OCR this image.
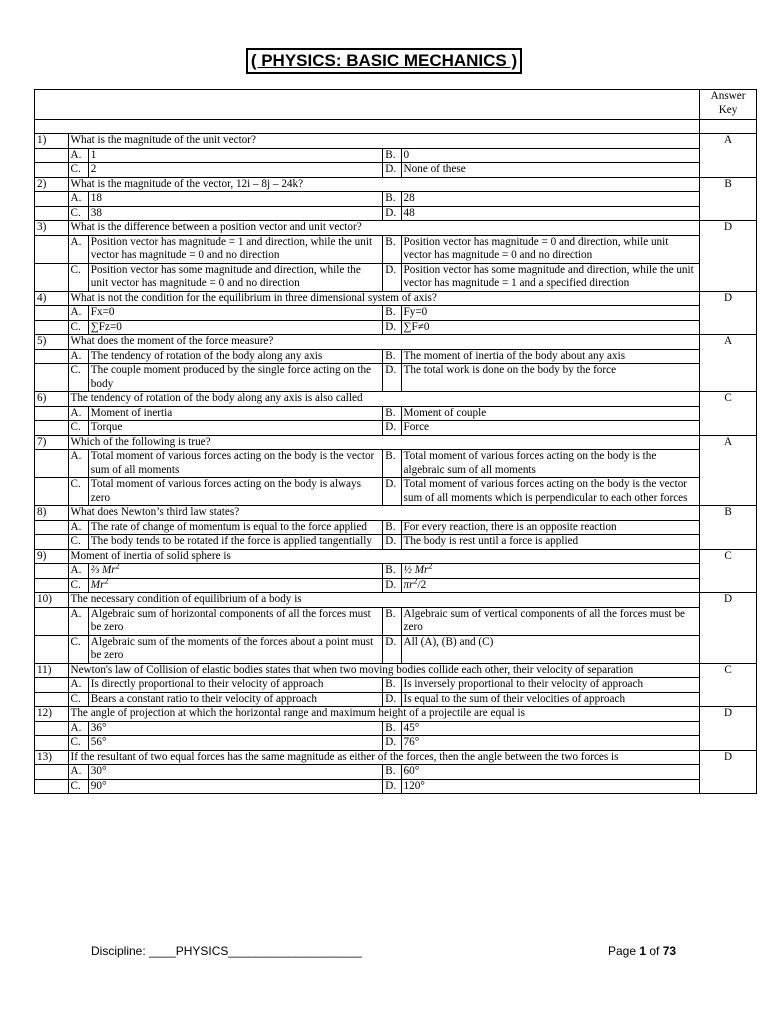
( PHYSICS: BASIC MECHANICS )
					Answer Key

1)	What is the magnitude of the unit vector?				A
	A.	1	B.	0	
	C.	2	D.	None of these	
2)	What is the magnitude of the vector, 12i – 8j – 24k?				B
	A.	18	B.	28	
	C.	38	D.	48	
3)	What is the difference between a position vector and unit vector?				D
	A.	Position vector has magnitude = 1 and direction, while the unit vector has magnitude = 0 and no direction	B.	Position vector has magnitude = 0 and direction, while unit vector has magnitude = 0 and no direction	
	C.	Position vector has some magnitude and direction, while the unit vector has magnitude = 0 and no direction	D.	Position vector has some magnitude and direction, while the unit vector has magnitude = 1 and a specified direction	
4)	What is not the condition for the equilibrium in three dimensional system of axis?				D
	A.	Fx=0	B.	Fy=0	
	C.	∑Fz=0	D.	∑F≠0	
5)	What does the moment of the force measure?				A
	A.	The tendency of rotation of the body along any axis	B.	The moment of inertia of the body about any axis	
	C.	The couple moment produced by the single force acting on the body	D.	The total work is done on the body by the force	
6)	The tendency of rotation of the body along any axis is also called				C
	A.	Moment of inertia	B.	Moment of couple	
	C.	Torque	D.	Force	
7)	Which of the following is true?				A
	A.	Total moment of various forces acting on the body is the vector sum of all moments	B.	Total moment of various forces acting on the body is the algebraic sum of all moments	
	C.	Total moment of various forces acting on the body is always zero	D.	Total moment of various forces acting on the body is the vector sum of all moments which is perpendicular to each other forces	
8)	What does Newton’s third law states?				B
	A.	The rate of change of momentum is equal to the force applied	B.	For every reaction, there is an opposite reaction	
	C.	The body tends to be rotated if the force is applied tangentially	D.	The body is rest until a force is applied	
9)	Moment of inertia of solid sphere is				C
	A.	⅔ Mr$^2$	B.	½ Mr$^2$
	C.	Mr$^2$	D.	$\pi r^2/2$	
10)	The necessary condition of equilibrium of a body is				D
	A.	Algebraic sum of horizontal components of all the forces must be zero	B.	Algebraic sum of vertical components of all the forces must be zero	
	C.	Algebraic sum of the moments of the forces about a point must be zero	D.	All (A), (B) and (C)	
11)	Newton's law of Collision of elastic bodies states that when two moving bodies collide each other, their velocity of separation				C
	A.	Is directly proportional to their velocity of approach	B.	Is inversely proportional to their velocity of approach	
	C.	Bears a constant ratio to their velocity of approach	D.	Is equal to the sum of their velocities of approach	
12)	The angle of projection at which the horizontal range and maximum height of a projectile are equal is				D
	A.	36°	B.	45°	
	C.	56°	D.	76°	
13)	If the resultant of two equal forces has the same magnitude as either of the forces, then the angle between the two forces is				D
	A.	30°	B.	60°	
	C.	90°	D.	120°	
Discipline: ____PHYSICS____________________	Page 1 of 73
